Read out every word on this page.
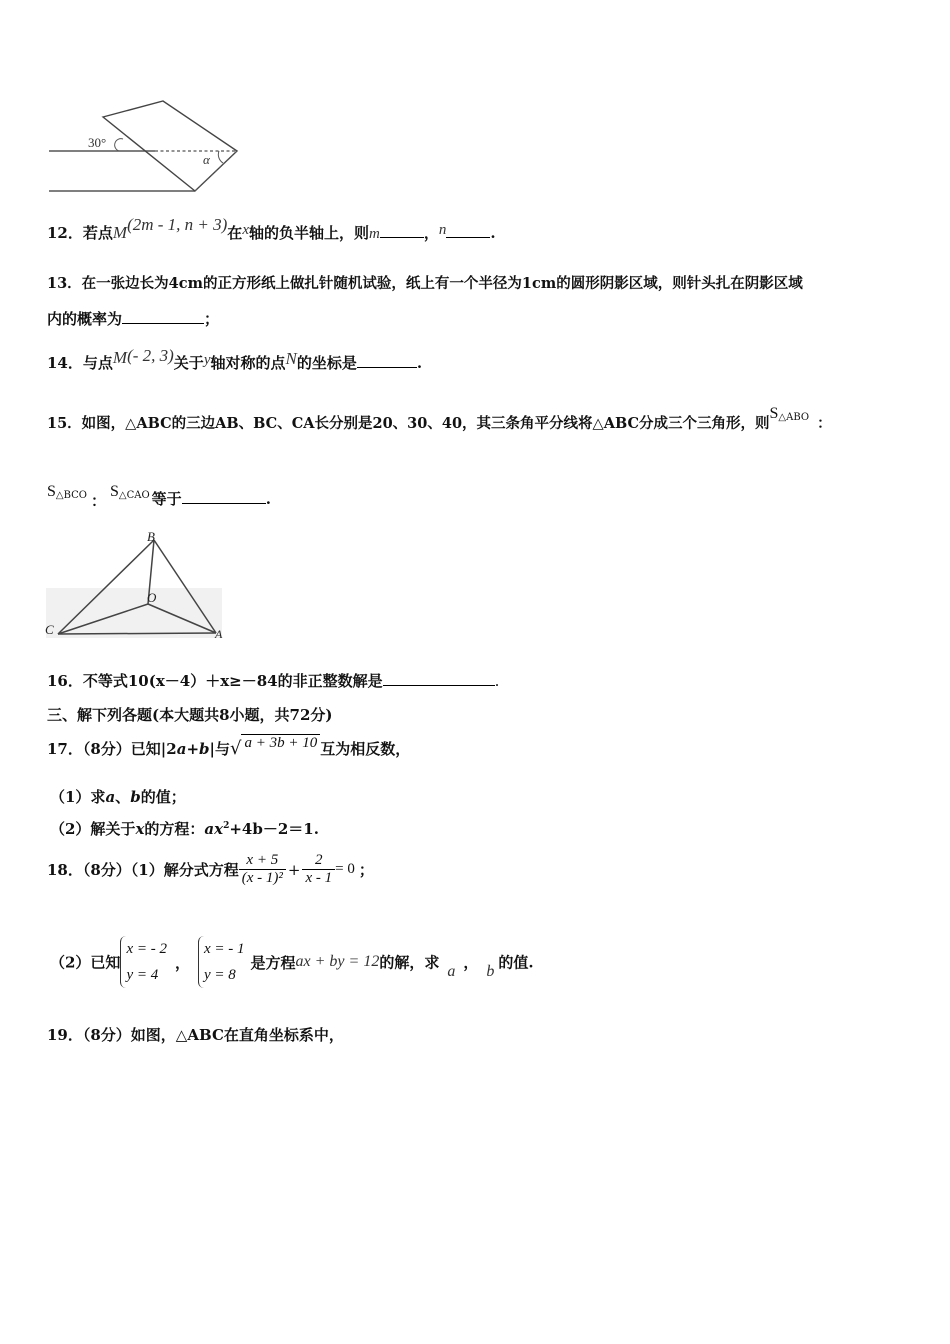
30°
α
12．若点M(2m - 1, n + 3)在x轴的负半轴上，则m	，n	.
13．在一张边长为4cm的正方形纸上做扎针随机试验，纸上有一个半径为1cm的圆形阴影区域，则针头扎在阴影区域
内的概率为	；
14．与点M(- 2, 3)关于y轴对称的点N的坐标是	.
15．如图，△ABC的三边AB、BC、CA长分别是20、30、40，其三条角平分线将△ABC分成三个三角形，则$S^{\triangle ABO}$ ：
$S_{\triangle BCO}$ ：$S_{\triangle CAO}$ 等于	.
B
O
C	A
16．不等式10(x－4）＋x≥－84的非正整数解是	.
三、解下列各题(本大题共8小题，共72分)
17．（8分）已知|2a+b|与√ a + 3b + 10 互为相反数，
（1）求a、b的值；
（2）解关于x的方程：$ax^2+4b-2=1$.
18．（8分）（1）解分式方程 $\frac{x + 5}{\text{(x - 1)²}} + \frac{2}{x - 1} = 0$ ；
（2）已知
x = - 2
y = 4
，
x = - 1
y = 8
是方程ax + by = 12的解，求 a ， b 的值.
19．（8分）如图，△ABC在直角坐标系中，
